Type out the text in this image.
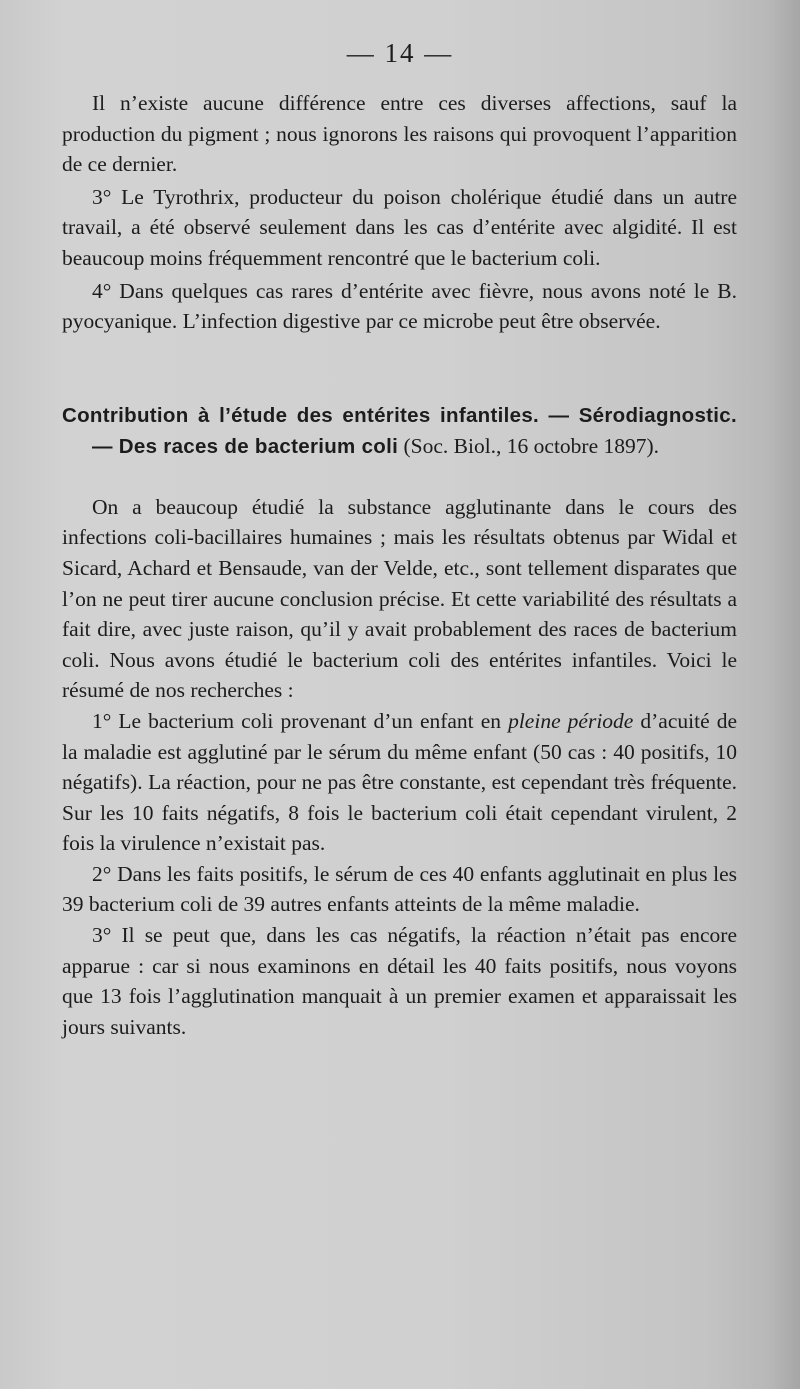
— 14 —

Il n’existe aucune différence entre ces diverses affections, sauf la production du pigment ; nous ignorons les raisons qui provoquent l’apparition de ce dernier.

3° Le Tyrothrix, producteur du poison cholérique étudié dans un autre travail, a été observé seulement dans les cas d’entérite avec algidité. Il est beaucoup moins fréquemment rencontré que le bacterium coli.

4° Dans quelques cas rares d’entérite avec fièvre, nous avons noté le B. pyocyanique. L’infection digestive par ce microbe peut être observée.

Contribution à l’étude des entérites infantiles. — Sérodiagnostic. — Des races de bacterium coli (Soc. Biol., 16 octobre 1897).

On a beaucoup étudié la substance agglutinante dans le cours des infections coli-bacillaires humaines ; mais les résultats obtenus par Widal et Sicard, Achard et Bensaude, van der Velde, etc., sont tellement disparates que l’on ne peut tirer aucune conclusion précise. Et cette variabilité des résultats a fait dire, avec juste raison, qu’il y avait probablement des races de bacterium coli. Nous avons étudié le bacterium coli des entérites infantiles. Voici le résumé de nos recherches :

1° Le bacterium coli provenant d’un enfant en pleine période d’acuité de la maladie est agglutiné par le sérum du même enfant (50 cas : 40 positifs, 10 négatifs). La réaction, pour ne pas être constante, est cependant très fréquente. Sur les 10 faits négatifs, 8 fois le bacterium coli était cependant virulent, 2 fois la virulence n’existait pas.

2° Dans les faits positifs, le sérum de ces 40 enfants agglutinait en plus les 39 bacterium coli de 39 autres enfants atteints de la même maladie.

3° Il se peut que, dans les cas négatifs, la réaction n’était pas encore apparue : car si nous examinons en détail les 40 faits positifs, nous voyons que 13 fois l’agglutination manquait à un premier examen et apparaissait les jours suivants.
